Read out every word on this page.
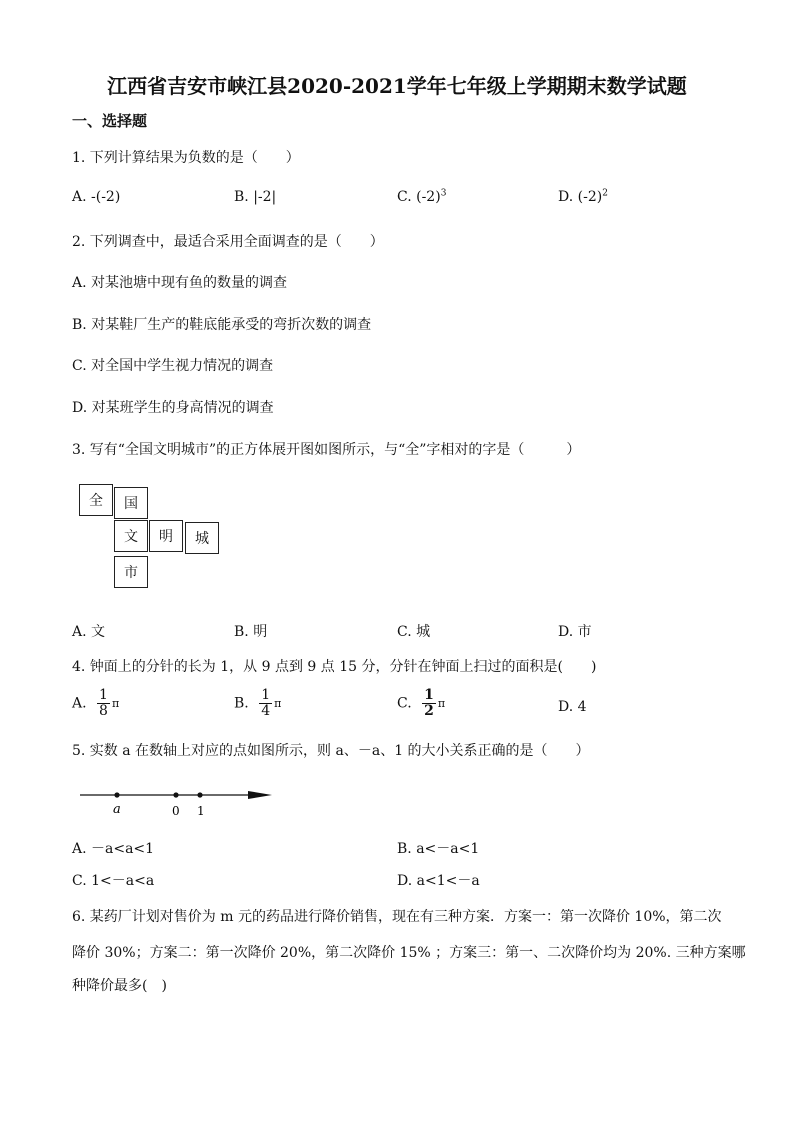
江西省吉安市峡江县2020-2021学年七年级上学期期末数学试题
一、选择题
1. 下列计算结果为负数的是（　　）
A. -(-2)	B. |-2|	C. $(-2)^3$	D. $(-2)^2$
2. 下列调查中，最适合采用全面调查的是（　　）
A. 对某池塘中现有鱼的数量的调查
B. 对某鞋厂生产的鞋底能承受的弯折次数的调查
C. 对全国中学生视力情况的调查
D. 对某班学生的身高情况的调查
3. 写有“全国文明城市”的正方体展开图如图所示，与“全”字相对的字是（　　　）
全	国
文	明	城
市
A. 文	B. 明	C. 城	D. 市
4. 钟面上的分针的长为 1，从 9 点到 9 点 15 分，分针在钟面上扫过的面积是(　　)
A. $\frac{1}{8}$ π	B. $\frac{1}{4}$ π	C. $\frac{1}{2}$ π	D. 4
5. 实数 a 在数轴上对应的点如图所示，则 a、－a、1 的大小关系正确的是（　　）
a	0 1
A. －a<a<1	B. a<－a<1
C. 1<－a<a	D. a<1<－a
6. 某药厂计划对售价为 m 元的药品进行降价销售，现在有三种方案．方案一：第一次降价 10%，第二次
降价 30%；方案二：第一次降价 20%，第二次降价 15% ；方案三：第一、二次降价均为 20%. 三种方案哪
种降价最多(　)
